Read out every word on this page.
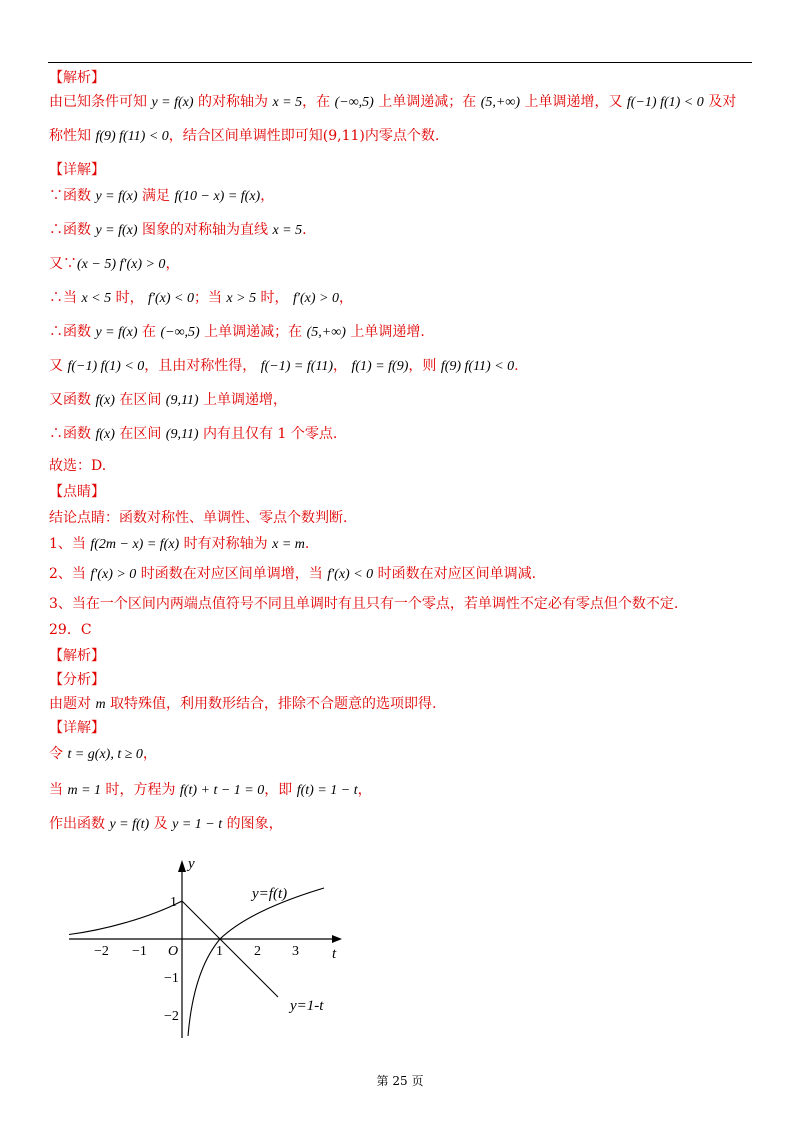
【解析】
由已知条件可知 y = f(x) 的对称轴为 x = 5，在 (−∞,5) 上单调递减；在 (5,+∞) 上单调递增，又 f(−1) f(1) < 0 及对
称性知 f(9) f(11) < 0，结合区间单调性即可知(9,11)内零点个数.
【详解】
∵函数 y = f(x) 满足 f(10 − x) = f(x)，
∴函数 y = f(x) 图象的对称轴为直线 x = 5.
又∵(x − 5) f′(x) > 0，
∴当 x < 5 时， f′(x) < 0；当 x > 5 时， f′(x) > 0，
∴函数 y = f(x) 在 (−∞,5) 上单调递减；在 (5,+∞) 上单调递增.
又 f(−1) f(1) < 0，且由对称性得， f(−1) = f(11)， f(1) = f(9)，则 f(9) f(11) < 0.
又函数 f(x) 在区间 (9,11) 上单调递增，
∴函数 f(x) 在区间 (9,11) 内有且仅有 1 个零点.
故选：D.
【点睛】
结论点睛：函数对称性、单调性、零点个数判断.
1、当 f(2m − x) = f(x) 时有对称轴为 x = m.
2、当 f′(x) > 0 时函数在对应区间单调增，当 f′(x) < 0 时函数在对应区间单调减.
3、当在一个区间内两端点值符号不同且单调时有且只有一个零点，若单调性不定必有零点但个数不定.
29．C
【解析】
【分析】
由题对 m 取特殊值，利用数形结合，排除不合题意的选项即得.
【详解】
令 t = g(x), t ≥ 0，
当 m = 1 时，方程为 f(t) + t − 1 = 0，即 f(t) = 1 − t，
作出函数 y = f(t) 及 y = 1 − t 的图象，
−2 −1 O	1 2 3 t
y
1
−1
−2
y=f(t)
y=1-t
第 25 页
